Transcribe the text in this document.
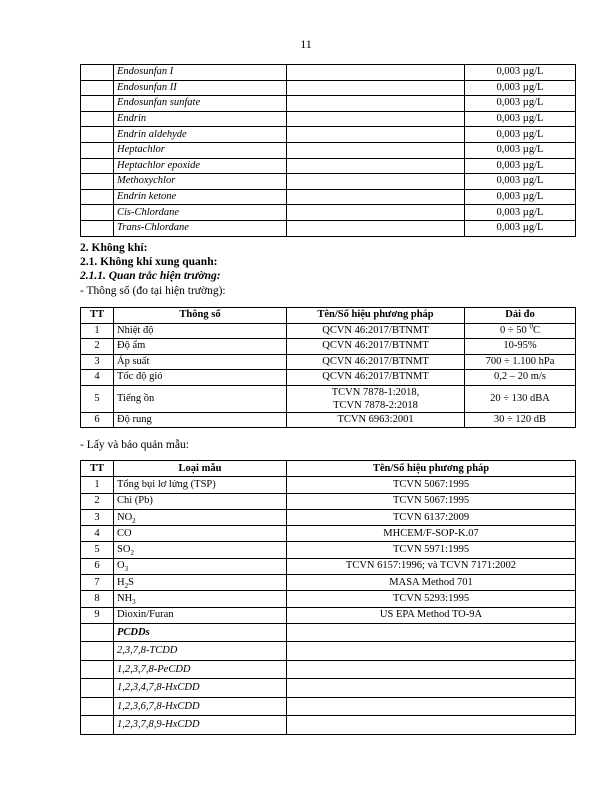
11
	Endosunfan I		0,003 µg/L
	Endosunfan II		0,003 µg/L
	Endosunfan sunfate		0,003 µg/L
	Endrin		0,003 µg/L
	Endrin aldehyde		0,003 µg/L
	Heptachlor		0,003 µg/L
	Heptachlor epoxide		0,003 µg/L
	Methoxychlor		0,003 µg/L
	Endrin ketone		0,003 µg/L
	Cis-Chlordane		0,003 µg/L
	Trans-Chlordane		0,003 µg/L
2. Không khí:
2.1. Không khí xung quanh:
2.1.1. Quan trắc hiện trường:
- Thông số (đo tại hiện trường):
TT	Thông số	Tên/Số hiệu phương pháp	Dải đo
1	Nhiệt độ	QCVN 46:2017/BTNMT	0 ÷ 50 $^0$C
2	Độ ẩm	QCVN 46:2017/BTNMT	10-95%
3	Áp suất	QCVN 46:2017/BTNMT	700 ÷ 1.100 hPa
4	Tốc độ gió	QCVN 46:2017/BTNMT	0,2 – 20 m/s
5	Tiếng ồn	TCVN 7878-1:2018,
TCVN 7878-2:2018	20 ÷ 130 dBA
6	Độ rung	TCVN 6963:2001	30 ÷ 120 dB
- Lấy và bảo quản mẫu:
TT	Loại mẫu	Tên/Số hiệu phương pháp
1	Tổng bụi lơ lửng (TSP)	TCVN 5067:1995
2	Chì (Pb)	TCVN 5067:1995
3	$NO_2$	TCVN 6137:2009
4	CO	MHCEM/F-SOP-K.07
5	$SO_2$	TCVN 5971:1995
6	$O_3$	TCVN 6157:1996; và TCVN 7171:2002
7	$H_2S$	MASA Method 701
8	$NH_3$	TCVN 5293:1995
9	Dioxin/Furan	US EPA Method TO-9A
	PCDDs	
	2,3,7,8-TCDD	
	1,2,3,7,8-PeCDD	
	1,2,3,4,7,8-HxCDD	
	1,2,3,6,7,8-HxCDD	
	1,2,3,7,8,9-HxCDD	
